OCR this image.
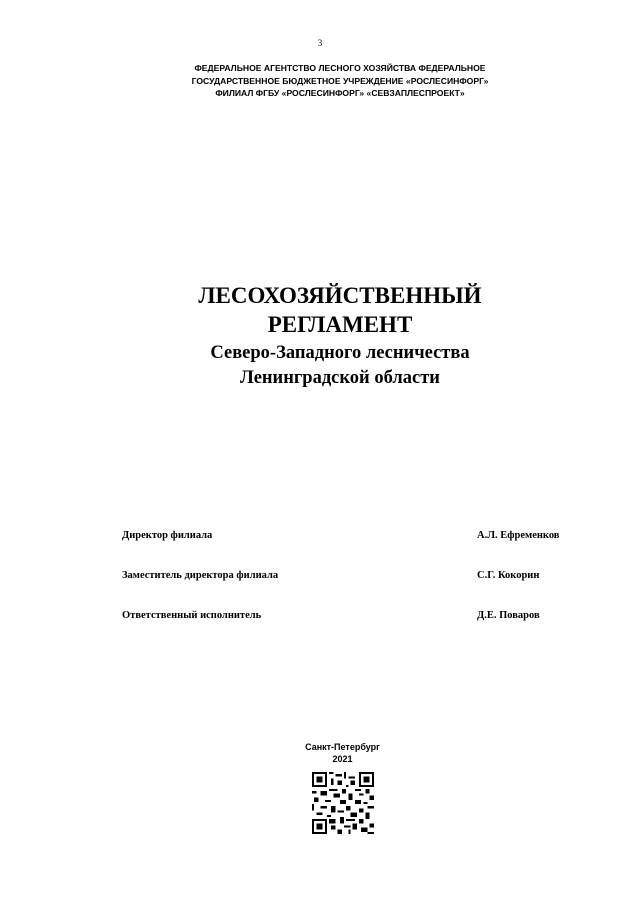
3
ФЕДЕРАЛЬНОЕ АГЕНТСТВО ЛЕСНОГО ХОЗЯЙСТВА ФЕДЕРАЛЬНОЕ
ГОСУДАРСТВЕННОЕ БЮДЖЕТНОЕ УЧРЕЖДЕНИЕ «РОСЛЕСИНФОРГ»
ФИЛИАЛ ФГБУ «РОСЛЕСИНФОРГ» «СЕВЗАПЛЕСПРОЕКТ»
ЛЕСОХОЗЯЙСТВЕННЫЙ
РЕГЛАМЕНТ
Северо-Западного лесничества
Ленинградской области
Директор филиала	А.Л. Ефременков
Заместитель директора филиала	С.Г. Кокорин
Ответственный исполнитель	Д.Е. Поваров
Санкт-Петербург
2021
